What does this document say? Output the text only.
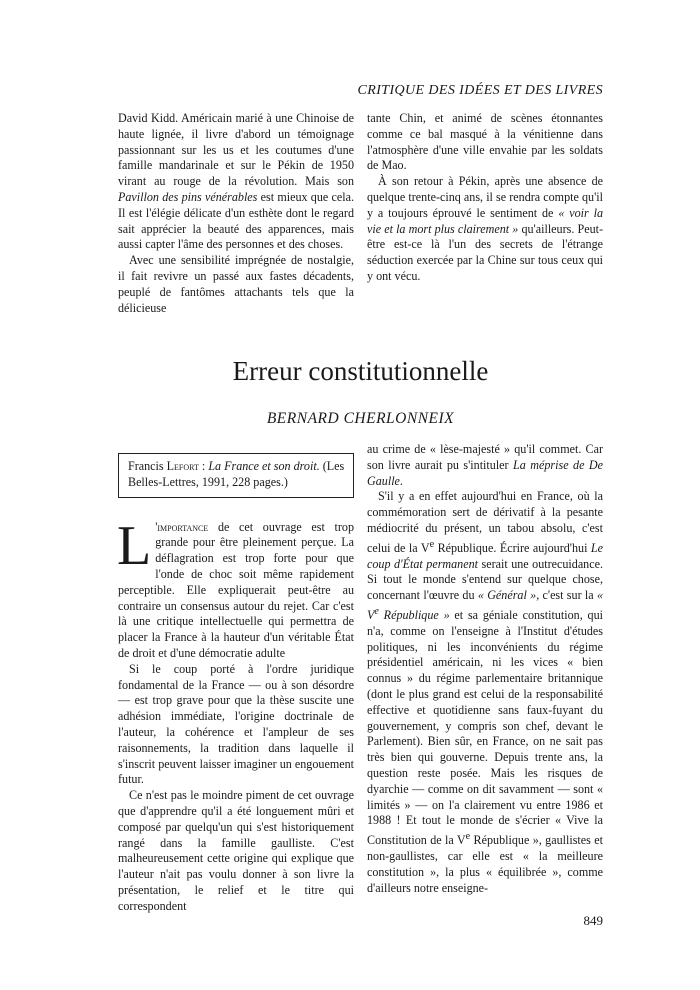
CRITIQUE DES IDÉES ET DES LIVRES

David Kidd. Américain marié à une Chinoise de haute lignée, il livre d'abord un témoignage passionnant sur les us et les coutumes d'une famille mandarinale et sur le Pékin de 1950 virant au rouge de la révolution. Mais son Pavillon des pins vénérables est mieux que cela. Il est l'élégie délicate d'un esthète dont le regard sait apprécier la beauté des apparences, mais aussi capter l'âme des personnes et des choses.

Avec une sensibilité imprégnée de nostalgie, il fait revivre un passé aux fastes décadents, peuplé de fantômes attachants tels que la délicieuse

tante Chin, et animé de scènes étonnantes comme ce bal masqué à la vénitienne dans l'atmosphère d'une ville envahie par les soldats de Mao.

À son retour à Pékin, après une absence de quelque trente-cinq ans, il se rendra compte qu'il y a toujours éprouvé le sentiment de « voir la vie et la mort plus clairement » qu'ailleurs. Peut-être est-ce là l'un des secrets de l'étrange séduction exercée par la Chine sur tous ceux qui y ont vécu.

Erreur constitutionnelle
BERNARD CHERLONNEIX
Francis Lefort : La France et son droit. (Les Belles-Lettres, 1991, 228 pages.)

L 'importance de cet ouvrage est trop grande pour être pleinement perçue. La déflagration est trop forte pour que l'onde de choc soit même rapidement perceptible. Elle expliquerait peut-être au contraire un consensus autour du rejet. Car c'est là une critique intellectuelle qui permettra de placer la France à la hauteur d'un véritable État de droit et d'une démocratie adulte

Si le coup porté à l'ordre juridique fondamental de la France — ou à son désordre — est trop grave pour que la thèse suscite une adhésion immédiate, l'origine doctrinale de l'auteur, la cohérence et l'ampleur de ses raisonnements, la tradition dans laquelle il s'inscrit peuvent laisser imaginer un engouement futur.

Ce n'est pas le moindre piment de cet ouvrage que d'apprendre qu'il a été longuement mûri et composé par quelqu'un qui s'est historiquement rangé dans la famille gaulliste. C'est malheureusement cette origine qui explique que l'auteur n'ait pas voulu donner à son livre la présentation, le relief et le titre qui correspondent

au crime de « lèse-majesté » qu'il commet. Car son livre aurait pu s'intituler La méprise de De Gaulle.

S'il y a en effet aujourd'hui en France, où la commémoration sert de dérivatif à la pesante médiocrité du présent, un tabou absolu, c'est celui de la Ve République. Écrire aujourd'hui Le coup d'État permanent serait une outrecuidance. Si tout le monde s'entend sur quelque chose, concernant l'œuvre du « Général », c'est sur la « Ve République » et sa géniale constitution, qui n'a, comme on l'enseigne à l'Institut d'études politiques, ni les inconvénients du régime présidentiel américain, ni les vices « bien connus » du régime parlementaire britannique (dont le plus grand est celui de la responsabilité effective et quotidienne sans faux-fuyant du gouvernement, y compris son chef, devant le Parlement). Bien sûr, en France, on ne sait pas très bien qui gouverne. Depuis trente ans, la question reste posée. Mais les risques de dyarchie — comme on dit savamment — sont « limités » — on l'a clairement vu entre 1986 et 1988 ! Et tout le monde de s'écrier « Vive la Constitution de la Ve République », gaullistes et non-gaullistes, car elle est « la meilleure constitution », la plus « équilibrée », comme d'ailleurs notre enseigne-

849
